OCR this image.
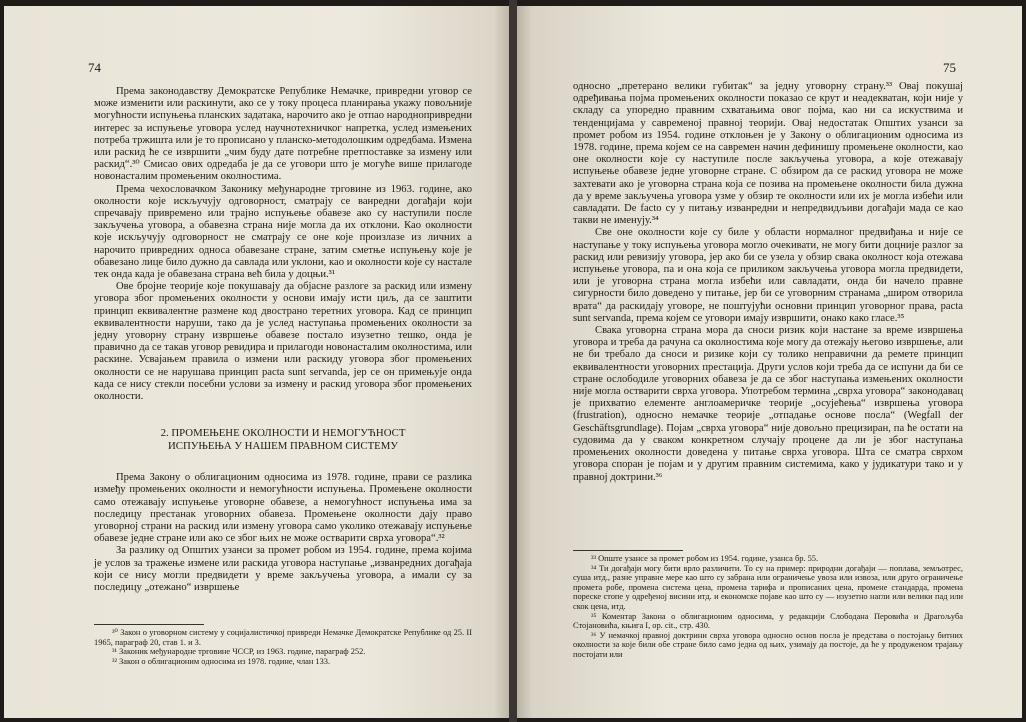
74

Према законодавству Демократске Републике Немачке, привредни уговор се може изменити или раскинути, ако се у току процеса планирања укажу повољније могућности испуњења планских задатака, нарочито ако је отпао народнопривредни интерес за испуњење уговора услед научнотехничког напретка, услед измењених потреба тржишта или је то прописано у планско-методолошким одредбама. Измена или раскид ће се извршити „чим буду дате потребне претпоставке за измену или раскид“.³⁰ Смисао ових одредаба је да се уговори што је могуће више прилагоде новонасталим промењеним околностима.

Према чехословачком Законику међународне трговине из 1963. године, ако околности које искључују одговорност, сматрају се ванредни догађаји који спречавају привремено или трајно испуњење обавезе ако су наступили после закључења уговора, а обавезна страна није могла да их отклони. Као околности које искључују одговорност не сматрају се оне које произлазе из личних а нарочито привредних односа обавезане стране, затим сметње испуњењу које је обавезано лице било дужно да савлада или уклони, као и околности које су настале тек онда када је обавезана страна већ била у доцњи.³¹

Ове бројне теорије које покушавају да објасне разлоге за раскид или измену уговора због промењених околности у основи имају исти циљ, да се заштити принцип еквивалентне размене код двострано теретних уговора. Кад се принцип еквивалентности наруши, тако да је услед наступања промењених околности за једну уговорну страну извршење обавезе постало изузетно тешко, онда је правично да се такав уговор ревидира и прилагоди новонасталим околностима, или раскине. Усвајањем правила о измени или раскиду уговора због промењених околности се не нарушава принцип pacta sunt servanda, јер се он примењује онда када се нису стекли посебни услови за измену и раскид уговора због промењених околности.

2. ПРОМЕЊЕНЕ ОКОЛНОСТИ И НЕМОГУЋНОСТ
ИСПУЊЕЊА У НАШЕМ ПРАВНОМ СИСТЕМУ

Према Закону о облигационим односима из 1978. године, прави се разлика између промењених околности и немогућности испуњења. Промењене околности само отежавају испуњење уговорне обавезе, а немогућност испуњења има за последицу престанак уговорних обавеза. Промењене околности дају право уговорној страни на раскид или измену уговора само уколико отежавају испуњење обавезе једне стране или ако се због њих не може остварити сврха уговора“.³²

За разлику од Општих узанси за промет робом из 1954. године, према којима је услов за тражење измене или раскида уговора наступање „изванредних догађаја који се нису могли предвидети у време закључења уговора, а имали су за последицу „отежано“ извршење

³⁰ Закон о уговорном систему у социјалистичкој привреди Немачке Демократске Републике од 25. II 1965, параграф 20, став 1. и 3.

³¹ Законик међународне трговине ЧССР, из 1963. године, параграф 252.

³² Закон о облигационим односима из 1978. године, члан 133.

75

односно „претерано велики губитак“ за једну уговорну страну.³³ Овај покушај одређивања појма промењених околности показао се крут и неадекватан, који није у складу са упоредно правним схватањима овог појма, као ни са искуствима и тенденцијама у савременој правној теорији. Овај недостатак Општих узанси за промет робом из 1954. године отклоњен је у Закону о облигационим односима из 1978. године, према којем се на савремен начин дефинишу промењене околности, као оне околности које су наступиле после закључења уговора, а које отежавају испуњење обавезе једне уговорне стране. С обзиром да се раскид уговора не може захтевати ако је уговорна страна која се позива на промењене околности била дужна да у време закључења уговора узме у обзир те околности или их је могла избећи или савладати. De facto су у питању изванредни и непредвидљиви догађаји мада се као такви не именују.³⁴

Све оне околности које су биле у области нормалног предвиђања и није се наступање у току испуњења уговора могло очекивати, не могу бити доцније разлог за раскид или ревизију уговора, јер ако би се узела у обзир свака околност која отежава испуњење уговора, па и она која се приликом закључења уговора могла предвидети, или је уговорна страна могла избећи или савладати, онда би начело правне сигурности било доведено у питање, јер би се уговорним странама „широм отворила врата“ да раскидају уговоре, не поштујући основни принцип уговорног права, pacta sunt servanda, према којем се уговори имају извршити, онако како гласе.³⁵

Свака уговорна страна мора да сноси ризик који настане за време извршења уговора и треба да рачуна са околностима које могу да отежају његово извршење, али не би требало да сноси и ризике који су толико неправични да ремете принцип еквивалентности уговорних престација. Други услов који треба да се испуни да би се стране ослободиле уговорних обавеза је да се због наступања измењених околности није могла остварити сврха уговора. Употребом термина „сврха уговора“ законодавац је прихватио елементе англоамеричке теорије „осујећења“ извршења уговора (frustration), односно немачке теорије „отпадање основе посла“ (Wegfall der Geschäftsgrundlage). Појам „сврха уговора“ није довољно прецизиран, па ће остати на судовима да у сваком конкретном случају процене да ли је због наступања промењених околности доведена у питање сврха уговора. Шта се сматра сврхом уговора споран је појам и у другим правним системима, како у јудикатури тако и у правној доктрини.³⁶

³³ Опште узансе за промет робом из 1954. године, узанса бр. 55.

³⁴ Ти догађаји могу бити врло различити. То су на пример: природни догађаји — поплава, земљотрес, суша итд., разне управне мере као што су забрана или ограничење увоза или извоза, или друго ограничење промета робе, промена система цена, промена тарифа и прописаних цена, промене стандарда, промена пореске стопе у одређеној висини итд. и економске појаве као што су — изузетно нагли или велики пад или скок цена, итд.

³⁵ Коментар Закона о облигационим односима, у редакцији Слободана Перовића и Драгољуба Стојановића, књига I, op. cit., стр. 430.

³⁶ У немачкој правној доктрини сврха уговора односно основ посла је представа о постојању битних околности за које били обе стране било само једна од њих, узимају да постоје, да ће у продуженом трајању постојати или
